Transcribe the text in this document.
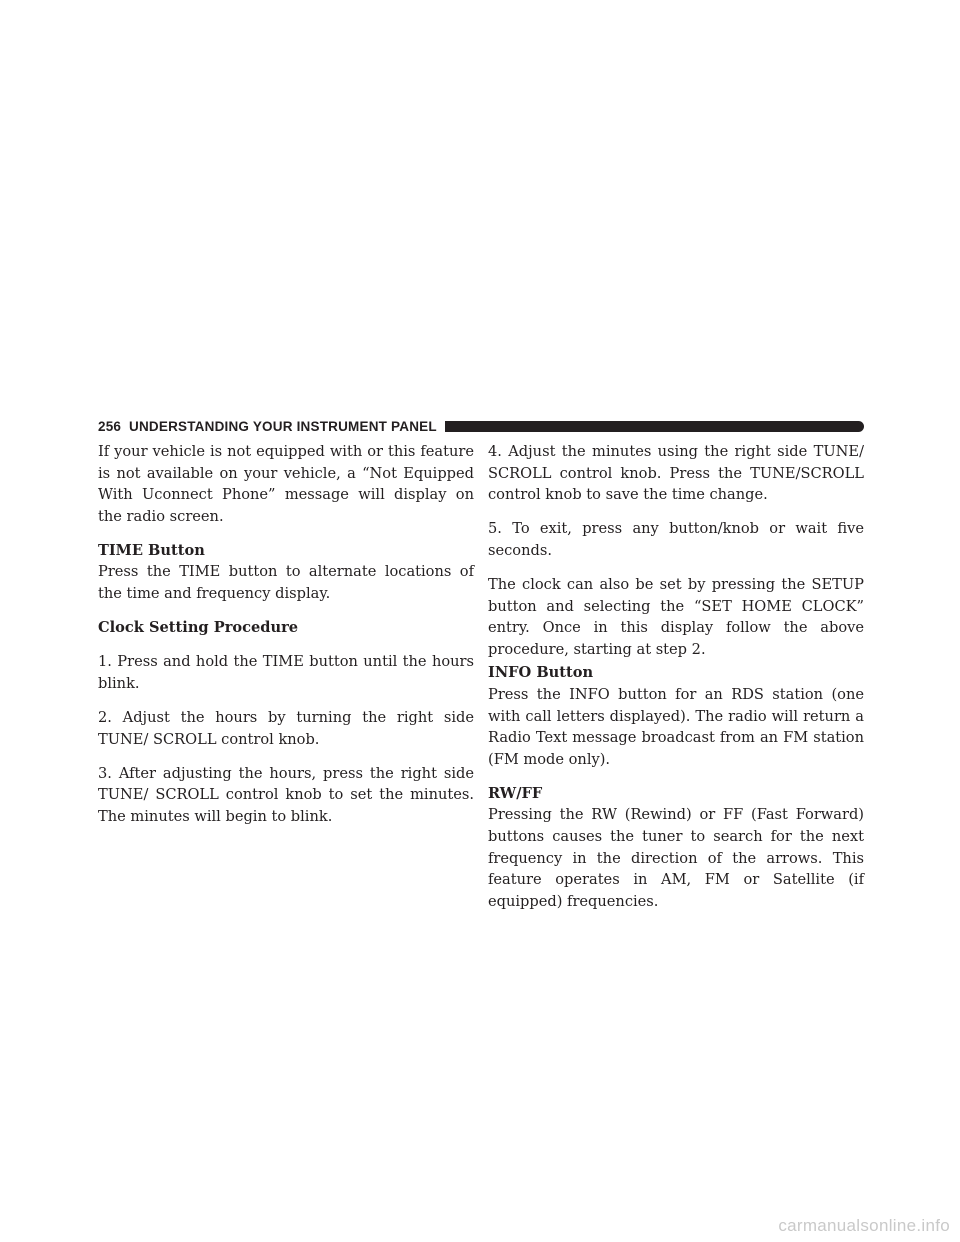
256 UNDERSTANDING YOUR INSTRUMENT PANEL

If your vehicle is not equipped with or this feature is not available on your vehicle, a “Not Equipped With Uconnect Phone” message will display on the radio screen.

TIME Button

Press the TIME button to alternate locations of the time and frequency display.

Clock Setting Procedure

1. Press and hold the TIME button until the hours blink.

2. Adjust the hours by turning the right side TUNE/ SCROLL control knob.

3. After adjusting the hours, press the right side TUNE/ SCROLL control knob to set the minutes. The minutes will begin to blink.

4. Adjust the minutes using the right side TUNE/ SCROLL control knob. Press the TUNE/SCROLL control knob to save the time change.

5. To exit, press any button/knob or wait five seconds.

The clock can also be set by pressing the SETUP button and selecting the “SET HOME CLOCK” entry. Once in this display follow the above procedure, starting at step 2.

INFO Button

Press the INFO button for an RDS station (one with call letters displayed). The radio will return a Radio Text message broadcast from an FM station (FM mode only).

RW/FF

Pressing the RW (Rewind) or FF (Fast Forward) buttons causes the tuner to search for the next frequency in the direction of the arrows. This feature operates in AM, FM or Satellite (if equipped) frequencies.

carmanualsonline.info
